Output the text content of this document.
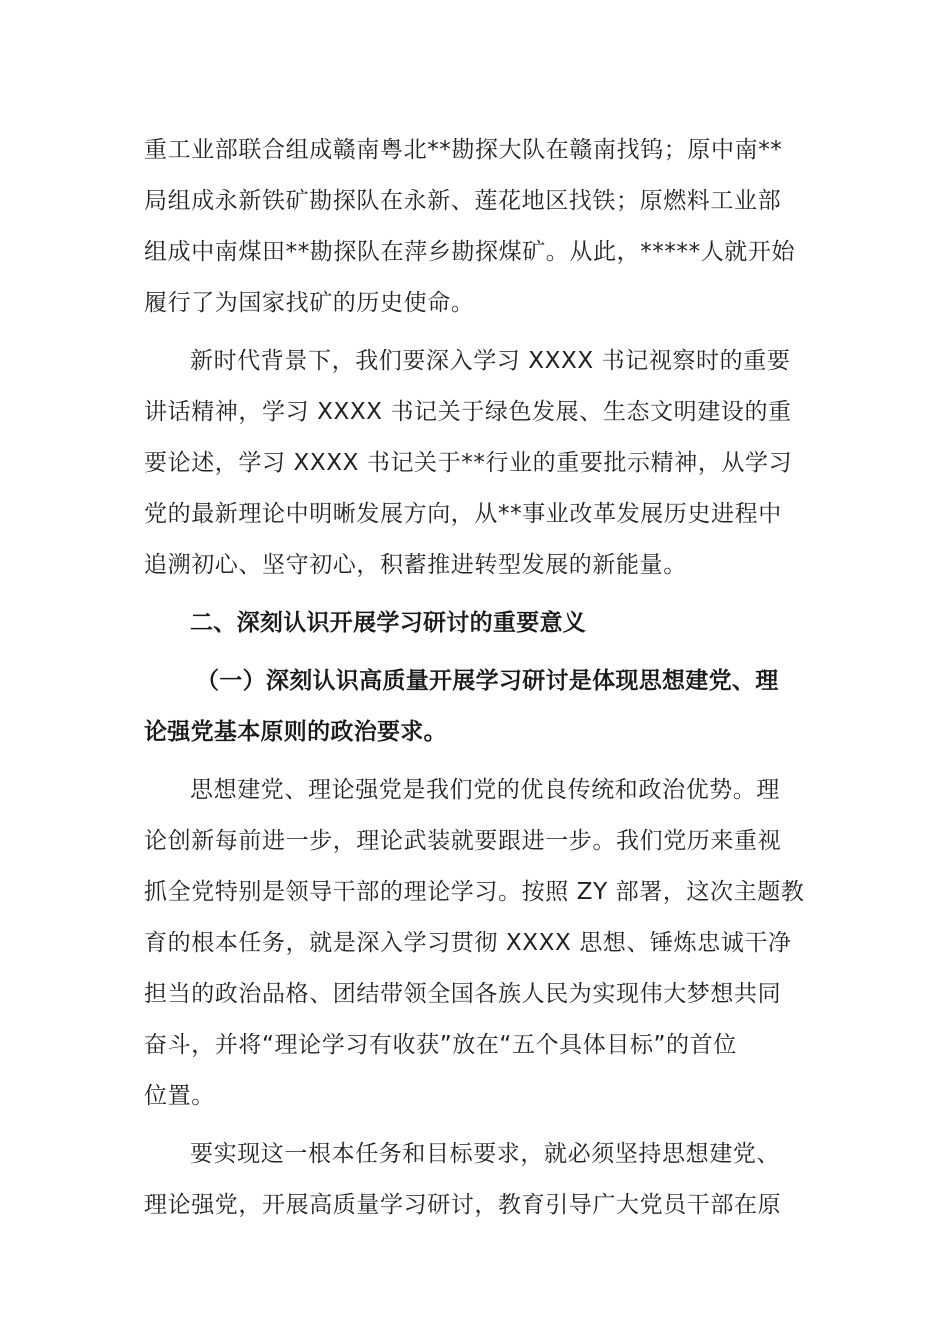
重工业部联合组成赣南粤北**勘探大队在赣南找钨；原中南**
局组成永新铁矿勘探队在永新、莲花地区找铁；原燃料工业部
组成中南煤田**勘探队在萍乡勘探煤矿。从此，*****人就开始
履行了为国家找矿的历史使命。
新时代背景下，我们要深入学习 XXXX 书记视察时的重要
讲话精神，学习 XXXX 书记关于绿色发展、生态文明建设的重
要论述，学习 XXXX 书记关于**行业的重要批示精神，从学习
党的最新理论中明晰发展方向，从**事业改革发展历史进程中
追溯初心、坚守初心，积蓄推进转型发展的新能量。
二、深刻认识开展学习研讨的重要意义
（一）深刻认识高质量开展学习研讨是体现思想建党、理
论强党基本原则的政治要求。
思想建党、理论强党是我们党的优良传统和政治优势。理
论创新每前进一步，理论武装就要跟进一步。我们党历来重视
抓全党特别是领导干部的理论学习。按照 ZY 部署，这次主题教
育的根本任务，就是深入学习贯彻 XXXX 思想、锤炼忠诚干净
担当的政治品格、团结带领全国各族人民为实现伟大梦想共同
奋斗，并将“理论学习有收获”放在“五个具体目标”的首位
位置。
要实现这一根本任务和目标要求，就必须坚持思想建党、
理论强党，开展高质量学习研讨，教育引导广大党员干部在原
